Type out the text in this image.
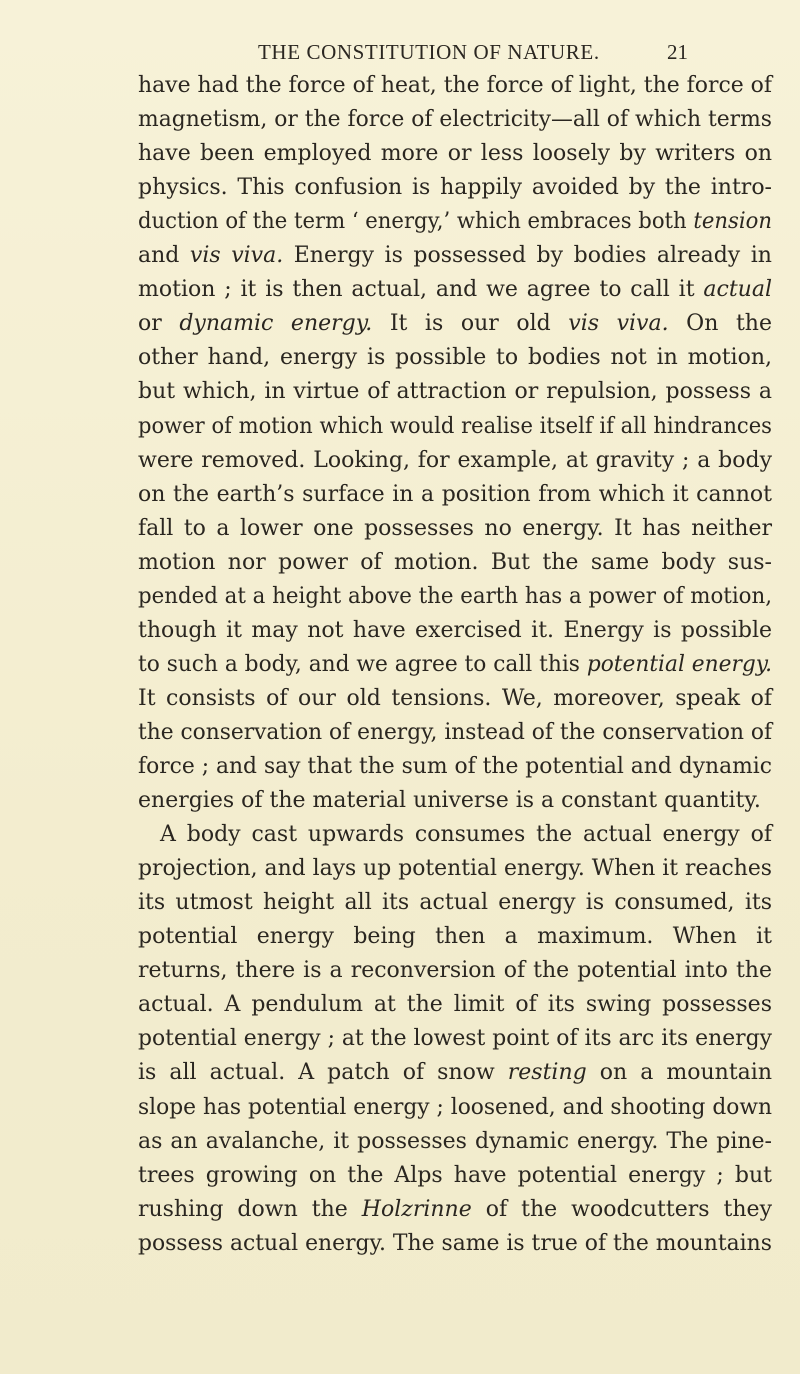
THE CONSTITUTION OF NATURE.	21
have had the force of heat, the force of light, the force of
magnetism, or the force of electricity—all of which terms
have been employed more or less loosely by writers on
physics. This confusion is happily avoided by the intro-
duction of the term ‘ energy,’ which embraces both tension
and vis viva. Energy is possessed by bodies already in
motion ; it is then actual, and we agree to call it actual
or dynamic energy. It is our old vis viva. On the
other hand, energy is possible to bodies not in motion,
but which, in virtue of attraction or repulsion, possess a
power of motion which would realise itself if all hindrances
were removed. Looking, for example, at gravity ; a body
on the earth’s surface in a position from which it cannot
fall to a lower one possesses no energy. It has neither
motion nor power of motion. But the same body sus-
pended at a height above the earth has a power of motion,
though it may not have exercised it. Energy is possible
to such a body, and we agree to call this potential energy.
It consists of our old tensions. We, moreover, speak of
the conservation of energy, instead of the conservation of
force ; and say that the sum of the potential and dynamic
energies of the material universe is a constant quantity.
A body cast upwards consumes the actual energy of
projection, and lays up potential energy. When it reaches
its utmost height all its actual energy is consumed, its
potential energy being then a maximum. When it
returns, there is a reconversion of the potential into the
actual. A pendulum at the limit of its swing possesses
potential energy ; at the lowest point of its arc its energy
is all actual. A patch of snow resting on a mountain
slope has potential energy ; loosened, and shooting down
as an avalanche, it possesses dynamic energy. The pine-
trees growing on the Alps have potential energy ; but
rushing down the Holzrinne of the woodcutters they
possess actual energy. The same is true of the mountains
